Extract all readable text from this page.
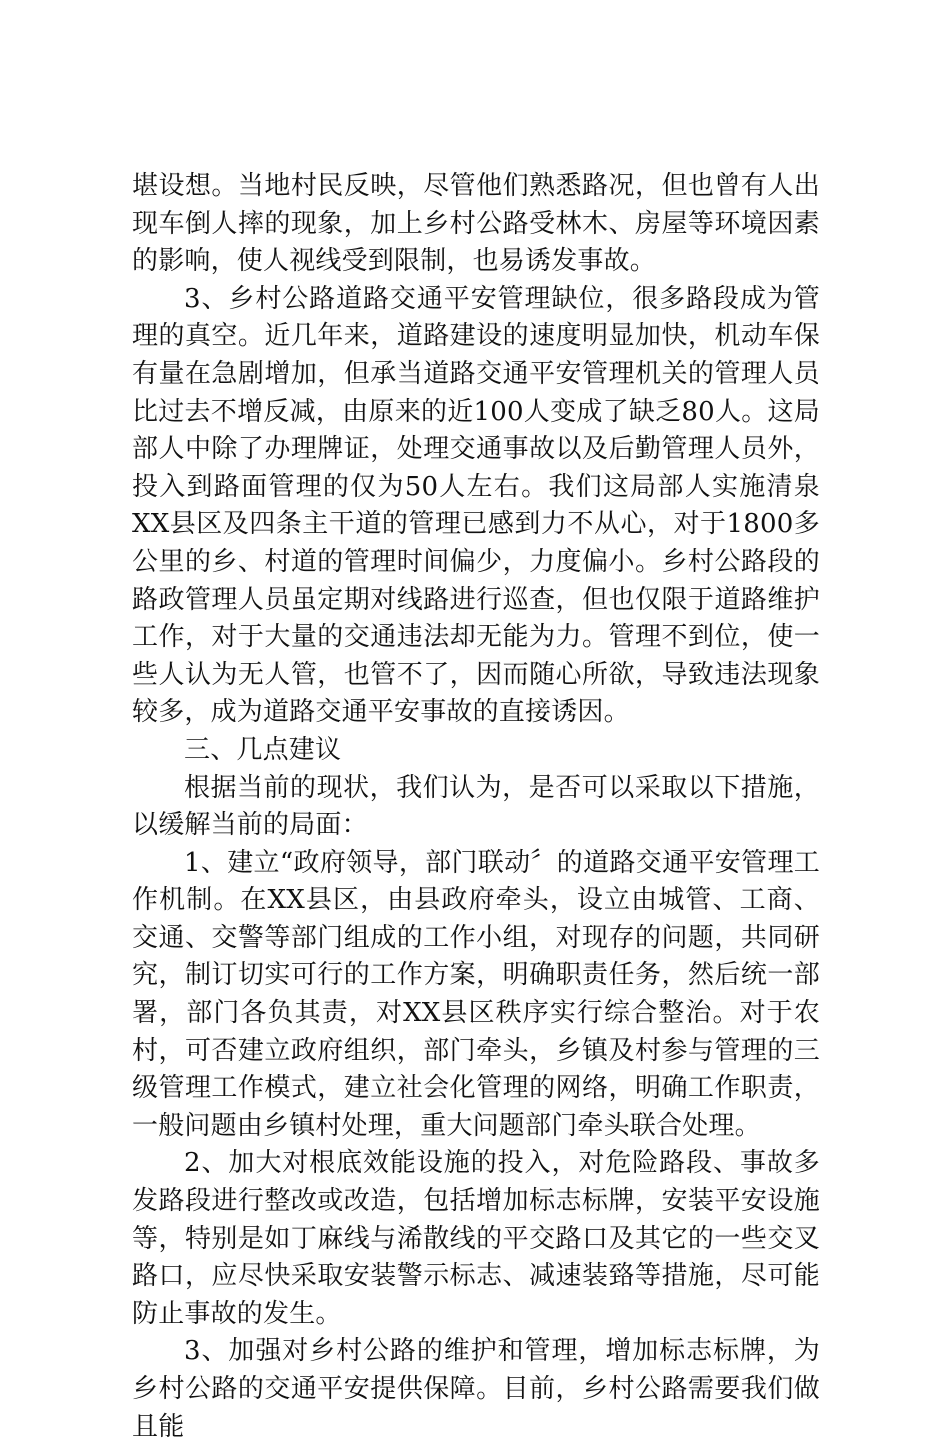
堪设想。当地村民反映，尽管他们熟悉路况，但也曾有人出现车倒人摔的现象，加上乡村公路受林木、房屋等环境因素的影响，使人视线受到限制，也易诱发事故。

3、乡村公路道路交通平安管理缺位，很多路段成为管理的真空。近几年来，道路建设的速度明显加快，机动车保有量在急剧增加，但承当道路交通平安管理机关的管理人员比过去不增反减，由原来的近100人变成了缺乏80人。这局部人中除了办理牌证，处理交通事故以及后勤管理人员外，投入到路面管理的仅为50人左右。我们这局部人实施清泉XX县区及四条主干道的管理已感到力不从心，对于1800多公里的乡、村道的管理时间偏少，力度偏小。乡村公路段的路政管理人员虽定期对线路进行巡查，但也仅限于道路维护工作，对于大量的交通违法却无能为力。管理不到位，使一些人认为无人管，也管不了，因而随心所欲，导致违法现象较多，成为道路交通平安事故的直接诱因。

三、几点建议

根据当前的现状，我们认为，是否可以采取以下措施，以缓解当前的局面：

1、建立“政府领导，部门联动〞的道路交通平安管理工作机制。在XX县区，由县政府牵头，设立由城管、工商、交通、交警等部门组成的工作小组，对现存的问题，共同研究，制订切实可行的工作方案，明确职责任务，然后统一部署，部门各负其责，对XX县区秩序实行综合整治。对于农村，可否建立政府组织，部门牵头，乡镇及村参与管理的三级管理工作模式，建立社会化管理的网络，明确工作职责，一般问题由乡镇村处理，重大问题部门牵头联合处理。

2、加大对根底效能设施的投入，对危险路段、事故多发路段进行整改或改造，包括增加标志标牌，安装平安设施等，特别是如丁麻线与浠散线的平交路口及其它的一些交叉路口，应尽快采取安装警示标志、减速装臵等措施，尽可能防止事故的发生。

3、加强对乡村公路的维护和管理，增加标志标牌，为乡村公路的交通平安提供保障。目前，乡村公路需要我们做且能
